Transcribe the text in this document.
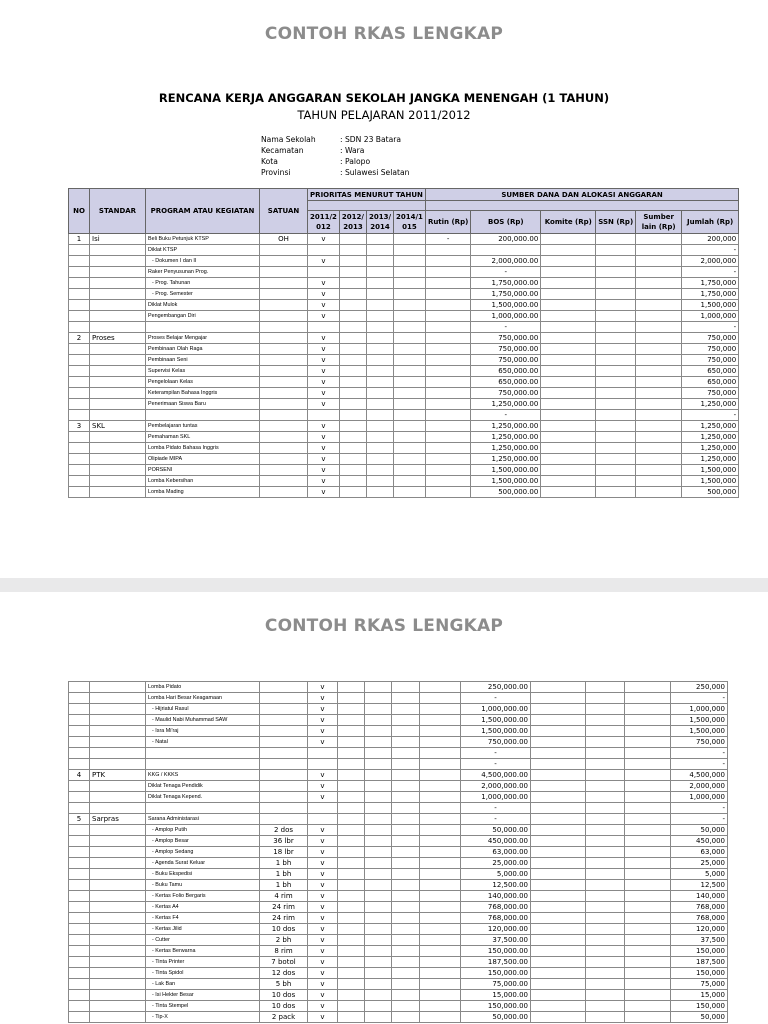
CONTOH RKAS LENGKAP
RENCANA KERJA ANGGARAN SEKOLAH JANGKA MENENGAH (1 TAHUN)
TAHUN PELAJARAN 2011/2012
Nama Sekolah	: SDN 23 Batara
Kecamatan	: Wara
Kota	: Palopo
Provinsi	: Sulawesi Selatan
NO	STANDAR	PROGRAM ATAU KEGIATAN	SATUAN	PRIORITAS MENURUT TAHUN				SUMBER DANA DAN ALOKASI ANGGARAN					

				2011/2 012	2012/ 2013	2013/ 2014	2014/1 015	Rutin (Rp)	BOS (Rp)	Komite (Rp)	SSN (Rp)	Sumber lain (Rp)	Jumlah (Rp)
1	Isi	Beli Buku Petunjuk KTSP	OH	v				-	200,000.00				200,000
		Diklat KTSP											-
		- Dokumen I dan II		v					2,000,000.00				2,000,000
		Raker Penyusunan Prog.							-				-
		- Prog. Tahunan		v					1,750,000.00				1,750,000
		- Prog. Semester		v					1,750,000.00				1,750,000
		Diklat Mulok		v					1,500,000.00				1,500,000
		Pengembangan Diri		v					1,000,000.00				1,000,000
									-				-
2	Proses	Proses Belajar Mengajar		v					750,000.00				750,000
		Pembinaan Olah Raga		v					750,000.00				750,000
		Pembinaan Seni		v					750,000.00				750,000
		Supervisi Kelas		v					650,000.00				650,000
		Pengelolaan Kelas		v					650,000.00				650,000
		Keterampilan Bahasa Inggris		v					750,000.00				750,000
		Penerimaan Siswa Baru		v					1,250,000.00				1,250,000
									-				-
3	SKL	Pembelajaran tuntas		v					1,250,000.00				1,250,000
		Pemahaman SKL		v					1,250,000.00				1,250,000
		Lomba Pidato Bahasa Inggris		v					1,250,000.00				1,250,000
		Olipiade MIPA		v					1,250,000.00				1,250,000
		PORSENI		v					1,500,000.00				1,500,000
		Lomba Kebersihan		v					1,500,000.00				1,500,000
		Lomba Mading		v					500,000.00				500,000
CONTOH RKAS LENGKAP
		Lomba Pidato		v					250,000.00				250,000
		Lomba Hari Besar Keagamaan		v					-				-
		- Hijriatul Rasul		v					1,000,000.00				1,000,000
		- Maulid Nabi Muhammad SAW		v					1,500,000.00				1,500,000
		- Isra Mi'raj		v					1,500,000.00				1,500,000
		- Natal		v					750,000.00				750,000
									-				-
									-				-
4	PTK	KKG / KKKS		v					4,500,000.00				4,500,000
		Diklat Tenaga Pendidik		v					2,000,000.00				2,000,000
		Diklat Tenaga Kepend.		v					1,000,000.00				1,000,000
									-				-
5	Sarpras	Sarana Administarasi							-				-
		- Amplop Putih	2 dos	v					50,000.00				50,000
		- Amplop Besar	36 lbr	v					450,000.00				450,000
		- Amplop Sedang	18 lbr	v					63,000.00				63,000
		- Agenda Surat Keluar	1 bh	v					25,000.00				25,000
		- Buku Ekspedisi	1 bh	v					5,000.00				5,000
		- Buku Tamu	1 bh	v					12,500.00				12,500
		- Kertas Folio Bergaris	4 rim	v					140,000.00				140,000
		- Kertas A4	24 rim	v					768,000.00				768,000
		- Kertas F4	24 rim	v					768,000.00				768,000
		- Kertas Jilid	10 dos	v					120,000.00				120,000
		- Cutter	2 bh	v					37,500.00				37,500
		- Kertas Berwarna	8 rim	v					150,000.00				150,000
		- Tinta Printer	7 botol	v					187,500.00				187,500
		- Tinta Spidol	12 dos	v					150,000.00				150,000
		- Lak Ban	5 bh	v					75,000.00				75,000
		- Isi Hekter Besar	10 dos	v					15,000.00				15,000
		- Tinta Stempel	10 dos	v					150,000.00				150,000
		- Tip-X	2 pack	v					50,000.00				50,000
